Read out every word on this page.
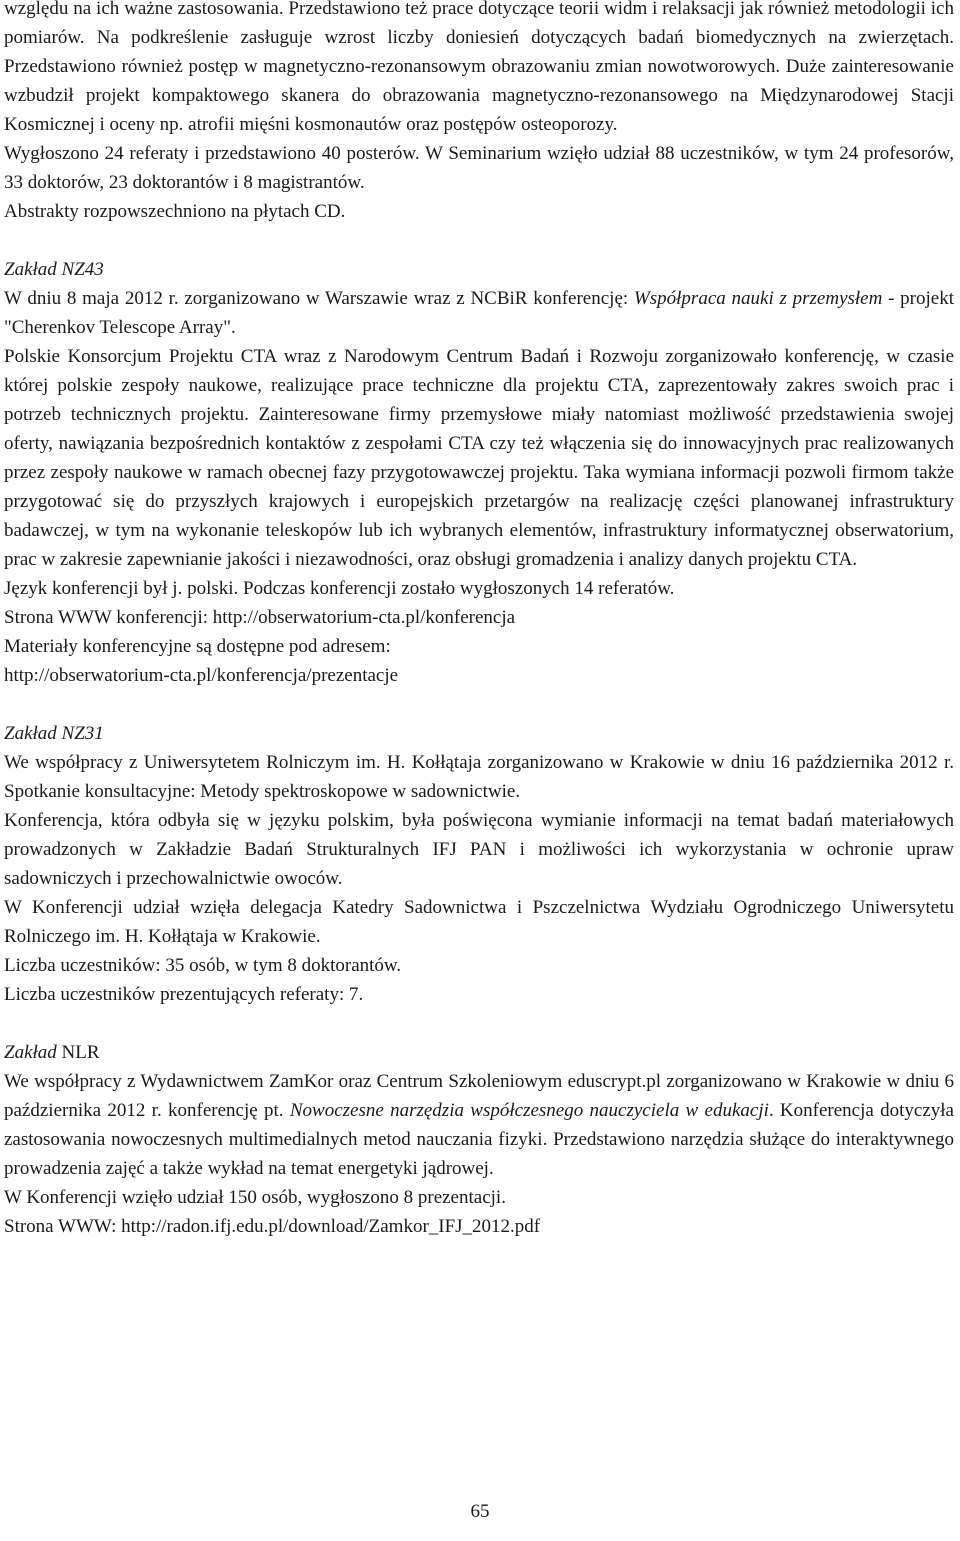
względu na ich ważne zastosowania. Przedstawiono też prace dotyczące teorii widm i relaksacji jak również metodologii ich pomiarów. Na podkreślenie zasługuje wzrost liczby doniesień dotyczących badań biomedycznych na zwierzętach. Przedstawiono również postęp w magnetyczno-rezonansowym obrazowaniu zmian nowotworowych. Duże zainteresowanie wzbudził projekt kompaktowego skanera do obrazowania magnetyczno-rezonansowego na Międzynarodowej Stacji Kosmicznej i oceny np. atrofii mięśni kosmonautów oraz postępów osteoporozy.

Wygłoszono 24 referaty i przedstawiono 40 posterów. W Seminarium wzięło udział 88 uczestników, w tym 24 profesorów, 33 doktorów, 23 doktorantów i 8 magistrantów.

Abstrakty rozpowszechniono na płytach CD.

Zakład NZ43

W dniu 8 maja 2012 r. zorganizowano w Warszawie wraz z NCBiR konferencję: Współpraca nauki z przemysłem - projekt "Cherenkov Telescope Array".

Polskie Konsorcjum Projektu CTA wraz z Narodowym Centrum Badań i Rozwoju zorganizowało konferencję, w czasie której polskie zespoły naukowe, realizujące prace techniczne dla projektu CTA, zaprezentowały zakres swoich prac i potrzeb technicznych projektu. Zainteresowane firmy przemysłowe miały natomiast możliwość przedstawienia swojej oferty, nawiązania bezpośrednich kontaktów z zespołami CTA czy też włączenia się do innowacyjnych prac realizowanych przez zespoły naukowe w ramach obecnej fazy przygotowawczej projektu. Taka wymiana informacji pozwoli firmom także przygotować się do przyszłych krajowych i europejskich przetargów na realizację części planowanej infrastruktury badawczej, w tym na wykonanie teleskopów lub ich wybranych elementów, infrastruktury informatycznej obserwatorium, prac w zakresie zapewnianie jakości i niezawodności, oraz obsługi gromadzenia i analizy danych projektu CTA.

Język konferencji był j. polski. Podczas konferencji zostało wygłoszonych 14 referatów.

Strona WWW konferencji: http://obserwatorium-cta.pl/konferencja

Materiały konferencyjne są dostępne pod adresem:

http://obserwatorium-cta.pl/konferencja/prezentacje

Zakład NZ31

We współpracy z Uniwersytetem Rolniczym im. H. Kołłątaja zorganizowano w Krakowie w dniu 16 października 2012 r. Spotkanie konsultacyjne: Metody spektroskopowe w sadownictwie.

Konferencja, która odbyła się w języku polskim, była poświęcona wymianie informacji na temat badań materiałowych prowadzonych w Zakładzie Badań Strukturalnych IFJ PAN i możliwości ich wykorzystania w ochronie upraw sadowniczych i przechowalnictwie owoców.

W Konferencji udział wzięła delegacja Katedry Sadownictwa i Pszczelnictwa Wydziału Ogrodniczego Uniwersytetu Rolniczego im. H. Kołłątaja w Krakowie.

Liczba uczestników: 35 osób, w tym 8 doktorantów.

Liczba uczestników prezentujących referaty: 7.

Zakład NLR

We współpracy z Wydawnictwem ZamKor oraz Centrum Szkoleniowym eduscrypt.pl zorganizowano w Krakowie w dniu 6 października 2012 r. konferencję pt. Nowoczesne narzędzia współczesnego nauczyciela w edukacji. Konferencja dotyczyła zastosowania nowoczesnych multimedialnych metod nauczania fizyki. Przedstawiono narzędzia służące do interaktywnego prowadzenia zajęć a także wykład na temat energetyki jądrowej.

W Konferencji wzięło udział 150 osób, wygłoszono 8 prezentacji.

Strona WWW: http://radon.ifj.edu.pl/download/Zamkor_IFJ_2012.pdf

65
